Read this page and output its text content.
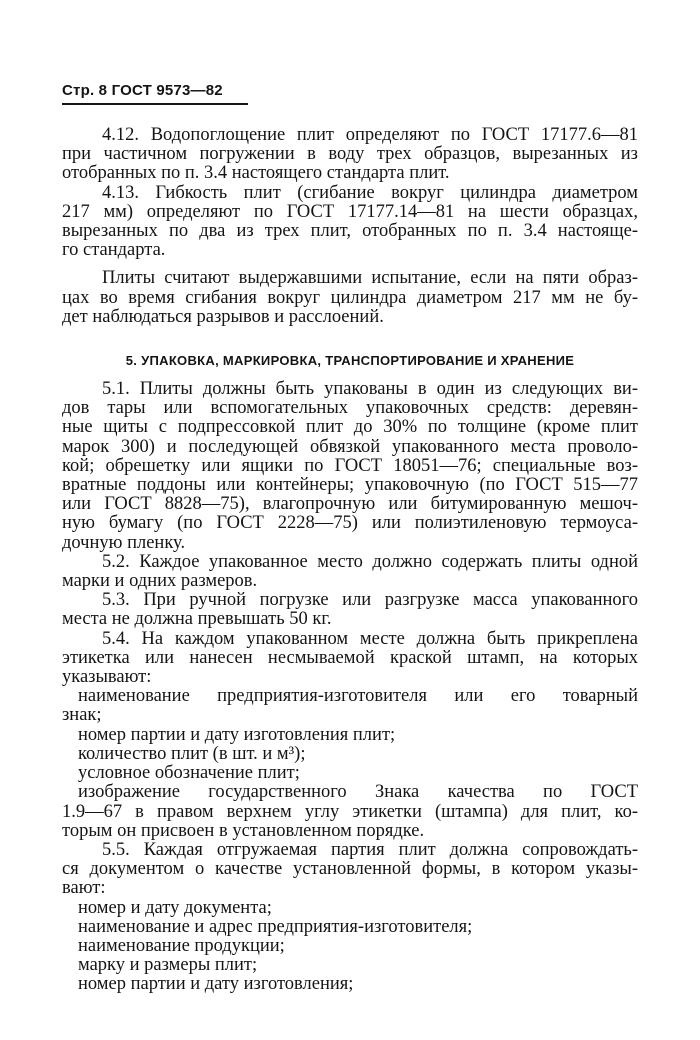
Стр. 8 ГОСТ 9573—82

4.12. Водопоглощение плит определяют по ГОСТ 17177.6—81

при частичном погружении в воду трех образцов, вырезанных из

отобранных по п. 3.4 настоящего стандарта плит.

4.13. Гибкость плит (сгибание вокруг цилиндра диаметром

217 мм) определяют по ГОСТ 17177.14—81 на шести образцах,

вырезанных по два из трех плит, отобранных по п. 3.4 настояще-

го стандарта.

Плиты считают выдержавшими испытание, если на пяти образ-

цах во время сгибания вокруг цилиндра диаметром 217 мм не бу-

дет наблюдаться разрывов и расслоений.

5. УПАКОВКА, МАРКИРОВКА, ТРАНСПОРТИРОВАНИЕ И ХРАНЕНИЕ

5.1. Плиты должны быть упакованы в один из следующих ви-

дов тары или вспомогательных упаковочных средств: деревян-

ные щиты с подпрессовкой плит до 30% по толщине (кроме плит

марок 300) и последующей обвязкой упакованного места проволо-

кой; обрешетку или ящики по ГОСТ 18051—76; специальные воз-

вратные поддоны или контейнеры; упаковочную (по ГОСТ 515—77

или ГОСТ 8828—75), влагопрочную или битумированную мешоч-

ную бумагу (по ГОСТ 2228—75) или полиэтиленовую термоуса-

дочную пленку.

5.2. Каждое упакованное место должно содержать плиты одной

марки и одних размеров.

5.3. При ручной погрузке или разгрузке масса упакованного

места не должна превышать 50 кг.

5.4. На каждом упакованном месте должна быть прикреплена

этикетка или нанесен несмываемой краской штамп, на которых

указывают:

наименование предприятия-изготовителя или его товарный

знак;

номер партии и дату изготовления плит;

количество плит (в шт. и м³);

условное обозначение плит;

изображение государственного Знака качества по ГОСТ

1.9—67 в правом верхнем углу этикетки (штампа) для плит, ко-

торым он присвоен в установленном порядке.

5.5. Каждая отгружаемая партия плит должна сопровождать-

ся документом о качестве установленной формы, в котором указы-

вают:

номер и дату документа;

наименование и адрес предприятия-изготовителя;

наименование продукции;

марку и размеры плит;

номер партии и дату изготовления;
